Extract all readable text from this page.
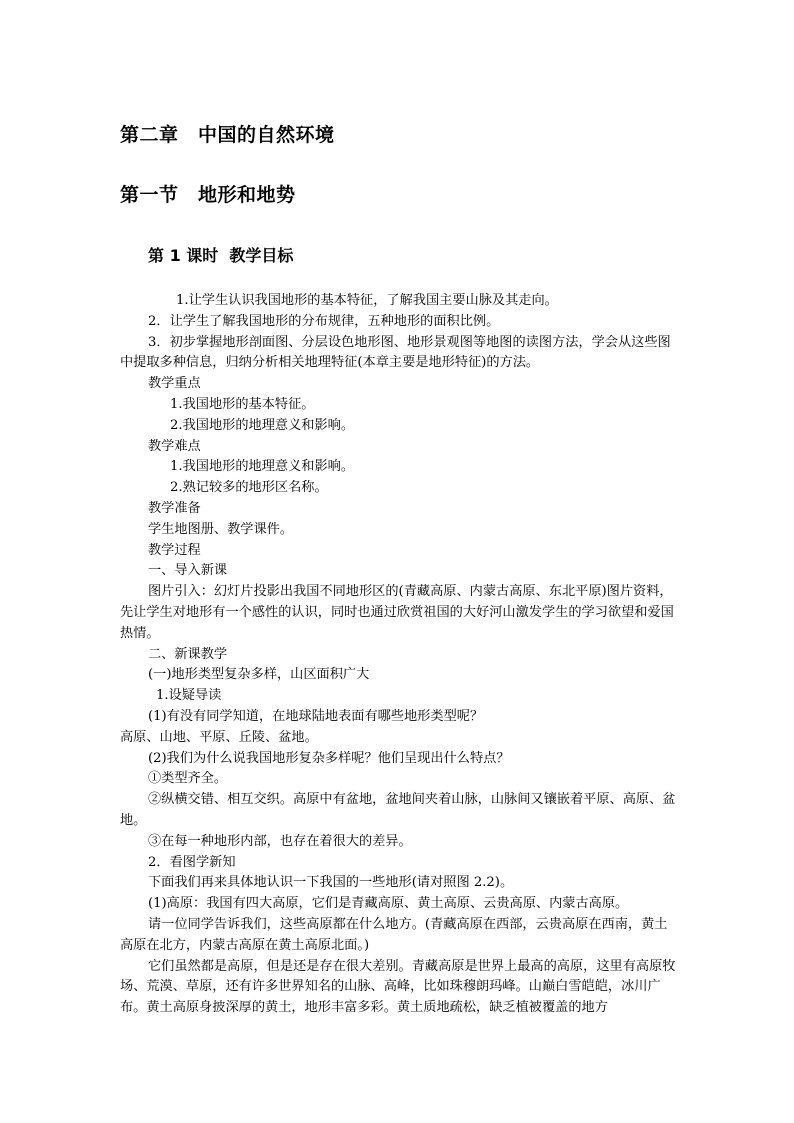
第二章　中国的自然环境
第一节　地形和地势
第 1 课时  教学目标

1.让学生认识我国地形的基本特征，了解我国主要山脉及其走向。

2．让学生了解我国地形的分布规律，五种地形的面积比例。

3．初步掌握地形剖面图、分层设色地形图、地形景观图等地图的读图方法，学会从这些图中提取多种信息，归纳分析相关地理特征(本章主要是地形特征)的方法。

教学重点

1.我国地形的基本特征。

2.我国地形的地理意义和影响。

教学难点

1.我国地形的地理意义和影响。

2.熟记较多的地形区名称。

教学准备

学生地图册、教学课件。

教学过程

一、导入新课

图片引入：幻灯片投影出我国不同地形区的(青藏高原、内蒙古高原、东北平原)图片资料，先让学生对地形有一个感性的认识，同时也通过欣赏祖国的大好河山激发学生的学习欲望和爱国热情。

二、新课教学

(一)地形类型复杂多样，山区面积广大

1.设疑导读

(1)有没有同学知道，在地球陆地表面有哪些地形类型呢？

高原、山地、平原、丘陵、盆地。

(2)我们为什么说我国地形复杂多样呢？他们呈现出什么特点？

①类型齐全。

②纵横交错、相互交织。高原中有盆地，盆地间夹着山脉，山脉间又镶嵌着平原、高原、盆地。

③在每一种地形内部，也存在着很大的差异。

2．看图学新知

下面我们再来具体地认识一下我国的一些地形(请对照图 2.2)。

(1)高原：我国有四大高原，它们是青藏高原、黄土高原、云贵高原、内蒙古高原。

请一位同学告诉我们，这些高原都在什么地方。(青藏高原在西部，云贵高原在西南，黄土高原在北方，内蒙古高原在黄土高原北面。)

它们虽然都是高原，但是还是存在很大差别。青藏高原是世界上最高的高原，这里有高原牧场、荒漠、草原，还有许多世界知名的山脉、高峰，比如珠穆朗玛峰。山巅白雪皑皑，冰川广布。黄土高原身披深厚的黄土，地形丰富多彩。黄土质地疏松，缺乏植被覆盖的地方
